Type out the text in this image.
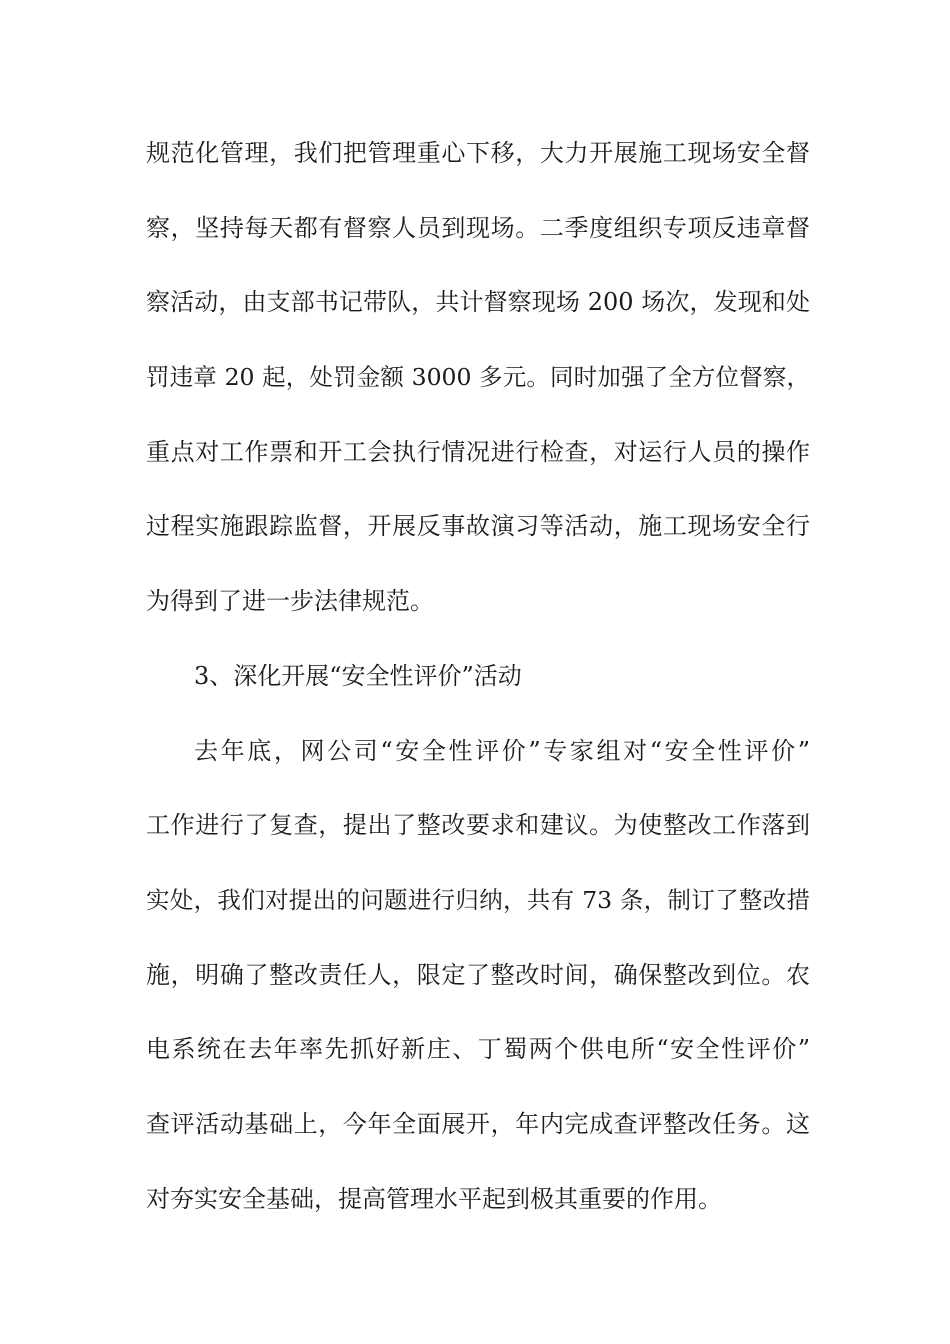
规范化管理，我们把管理重心下移，大力开展施工现场安全督
察，坚持每天都有督察人员到现场。二季度组织专项反违章督
察活动，由支部书记带队，共计督察现场 200 场次，发现和处
罚违章 20 起，处罚金额 3000 多元。同时加强了全方位督察，
重点对工作票和开工会执行情况进行检查，对运行人员的操作
过程实施跟踪监督，开展反事故演习等活动，施工现场安全行
为得到了进一步法律规范。
3、深化开展“安全性评价”活动
去年底，网公司“安全性评价”专家组对“安全性评价”
工作进行了复查，提出了整改要求和建议。为使整改工作落到
实处，我们对提出的问题进行归纳，共有 73 条，制订了整改措
施，明确了整改责任人，限定了整改时间，确保整改到位。农
电系统在去年率先抓好新庄、丁蜀两个供电所“安全性评价”
查评活动基础上，今年全面展开，年内完成查评整改任务。这
对夯实安全基础，提高管理水平起到极其重要的作用。
